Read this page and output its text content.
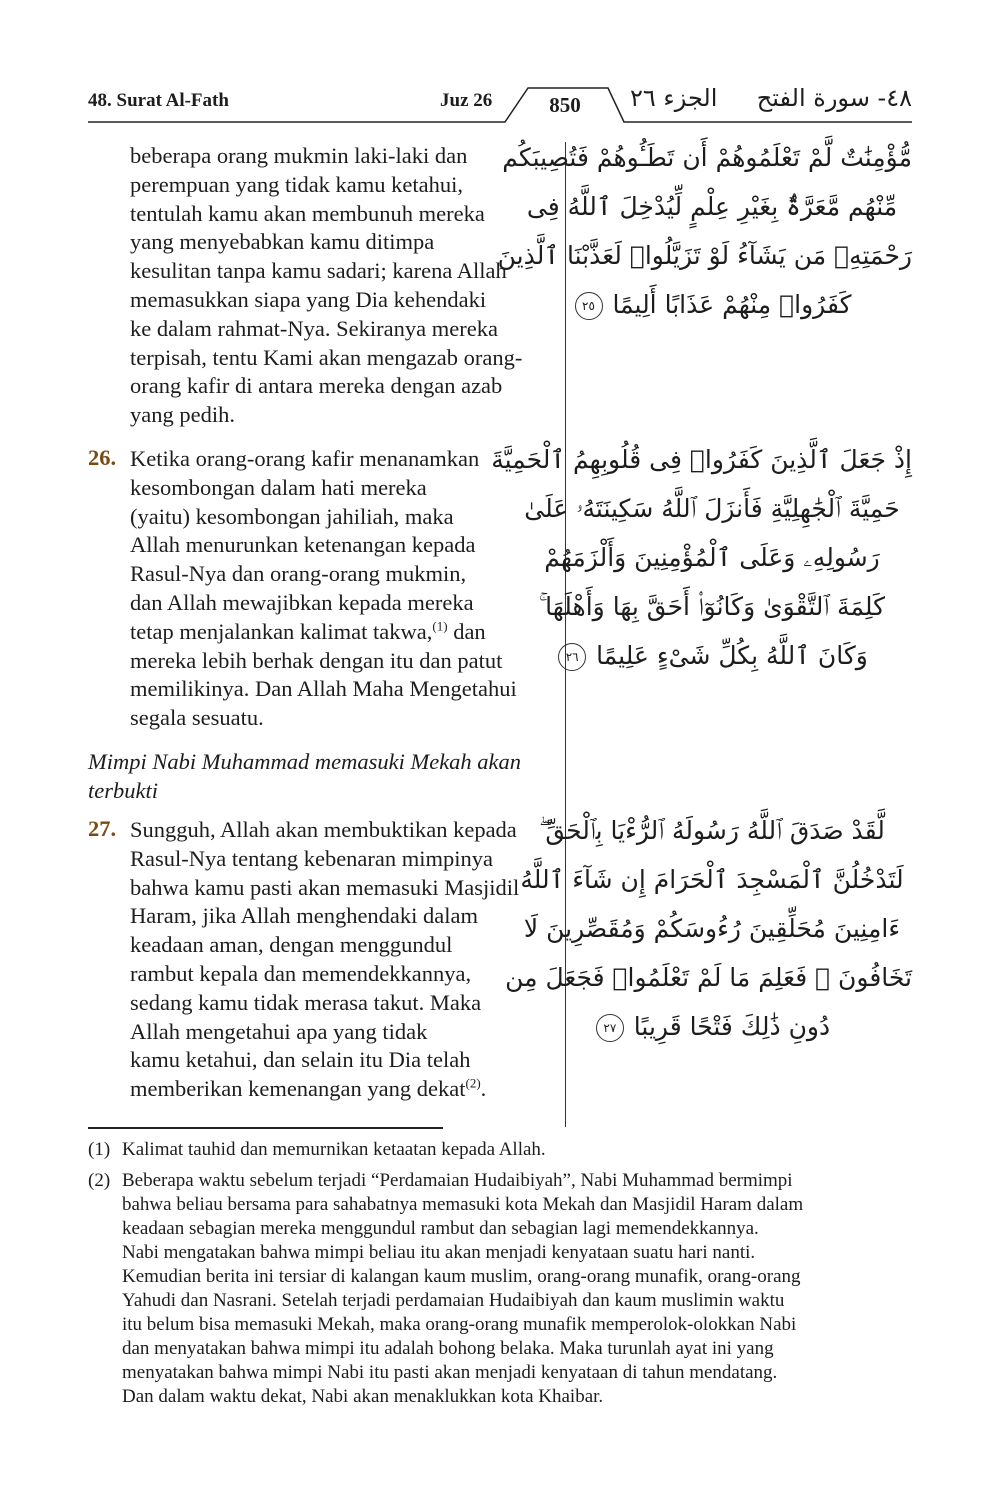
48. Surat Al-Fath	Juz 26	850	الجزء ٢٦ ٤٨- سورة الفتح
beberapa orang mukmin laki-laki dan
perempuan yang tidak kamu ketahui,
tentulah kamu akan membunuh mereka
yang menyebabkan kamu ditimpa
kesulitan tanpa kamu sadari; karena Allah
memasukkan siapa yang Dia kehendaki
ke dalam rahmat-Nya. Sekiranya mereka
terpisah, tentu Kami akan mengazab orang-
orang kafir di antara mereka dengan azab
yang pedih.
مُّؤْمِنَٰتٌ لَّمْ تَعْلَمُوهُمْ أَن تَطَـُٔوهُمْ فَتُصِيبَكُم
مِّنْهُم مَّعَرَّةٌۢ بِغَيْرِ عِلْمٍ لِّيُدْخِلَ ٱللَّهُ فِى
رَحْمَتِهِۦ مَن يَشَآءُ لَوْ تَزَيَّلُوا۟ لَعَذَّبْنَا ٱلَّذِينَ
كَفَرُوا۟ مِنْهُمْ عَذَابًا أَلِيمًا ٢٥
26. Ketika orang-orang kafir menanamkan
kesombongan dalam hati mereka
(yaitu) kesombongan jahiliah, maka
Allah menurunkan ketenangan kepada
Rasul-Nya dan orang-orang mukmin,
dan Allah mewajibkan kepada mereka
tetap menjalankan kalimat takwa,$^{(1)}$ dan
mereka lebih berhak dengan itu dan patut
memilikinya. Dan Allah Maha Mengetahui
segala sesuatu.
إِذْ جَعَلَ ٱلَّذِينَ كَفَرُوا۟ فِى قُلُوبِهِمُ ٱلْحَمِيَّةَ
حَمِيَّةَ ٱلْجَٰهِلِيَّةِ فَأَنزَلَ ٱللَّهُ سَكِينَتَهُۥ عَلَىٰ
رَسُولِهِۦ وَعَلَى ٱلْمُؤْمِنِينَ وَأَلْزَمَهُمْ
كَلِمَةَ ٱلتَّقْوَىٰ وَكَانُوٓا۟ أَحَقَّ بِهَا وَأَهْلَهَا ۚ
وَكَانَ ٱللَّهُ بِكُلِّ شَىْءٍ عَلِيمًا ٢٦
Mimpi Nabi Muhammad memasuki Mekah akan
terbukti
27. Sungguh, Allah akan membuktikan kepada
Rasul-Nya tentang kebenaran mimpinya
bahwa kamu pasti akan memasuki Masjidil
Haram, jika Allah menghendaki dalam
keadaan aman, dengan menggundul
rambut kepala dan memendekkannya,
sedang kamu tidak merasa takut. Maka
Allah mengetahui apa yang tidak
kamu ketahui, dan selain itu Dia telah
memberikan kemenangan yang dekat$^{(2)}$.
لَّقَدْ صَدَقَ ٱللَّهُ رَسُولَهُ ٱلرُّءْيَا بِٱلْحَقِّ ۖ
لَتَدْخُلُنَّ ٱلْمَسْجِدَ ٱلْحَرَامَ إِن شَآءَ ٱللَّهُ
ءَامِنِينَ مُحَلِّقِينَ رُءُوسَكُمْ وَمُقَصِّرِينَ لَا
تَخَافُونَ ۖ فَعَلِمَ مَا لَمْ تَعْلَمُوا۟ فَجَعَلَ مِن
دُونِ ذَٰلِكَ فَتْحًا قَرِيبًا ٢٧
(1) Kalimat tauhid dan memurnikan ketaatan kepada Allah.
(2) Beberapa waktu sebelum terjadi “Perdamaian Hudaibiyah”, Nabi Muhammad bermimpi
bahwa beliau bersama para sahabatnya memasuki kota Mekah dan Masjidil Haram dalam
keadaan sebagian mereka menggundul rambut dan sebagian lagi memendekkannya.
Nabi mengatakan bahwa mimpi beliau itu akan menjadi kenyataan suatu hari nanti.
Kemudian berita ini tersiar di kalangan kaum muslim, orang-orang munafik, orang-orang
Yahudi dan Nasrani. Setelah terjadi perdamaian Hudaibiyah dan kaum muslimin waktu
itu belum bisa memasuki Mekah, maka orang-orang munafik memperolok-olokkan Nabi
dan menyatakan bahwa mimpi itu adalah bohong belaka. Maka turunlah ayat ini yang
menyatakan bahwa mimpi Nabi itu pasti akan menjadi kenyataan di tahun mendatang.
Dan dalam waktu dekat, Nabi akan menaklukkan kota Khaibar.
